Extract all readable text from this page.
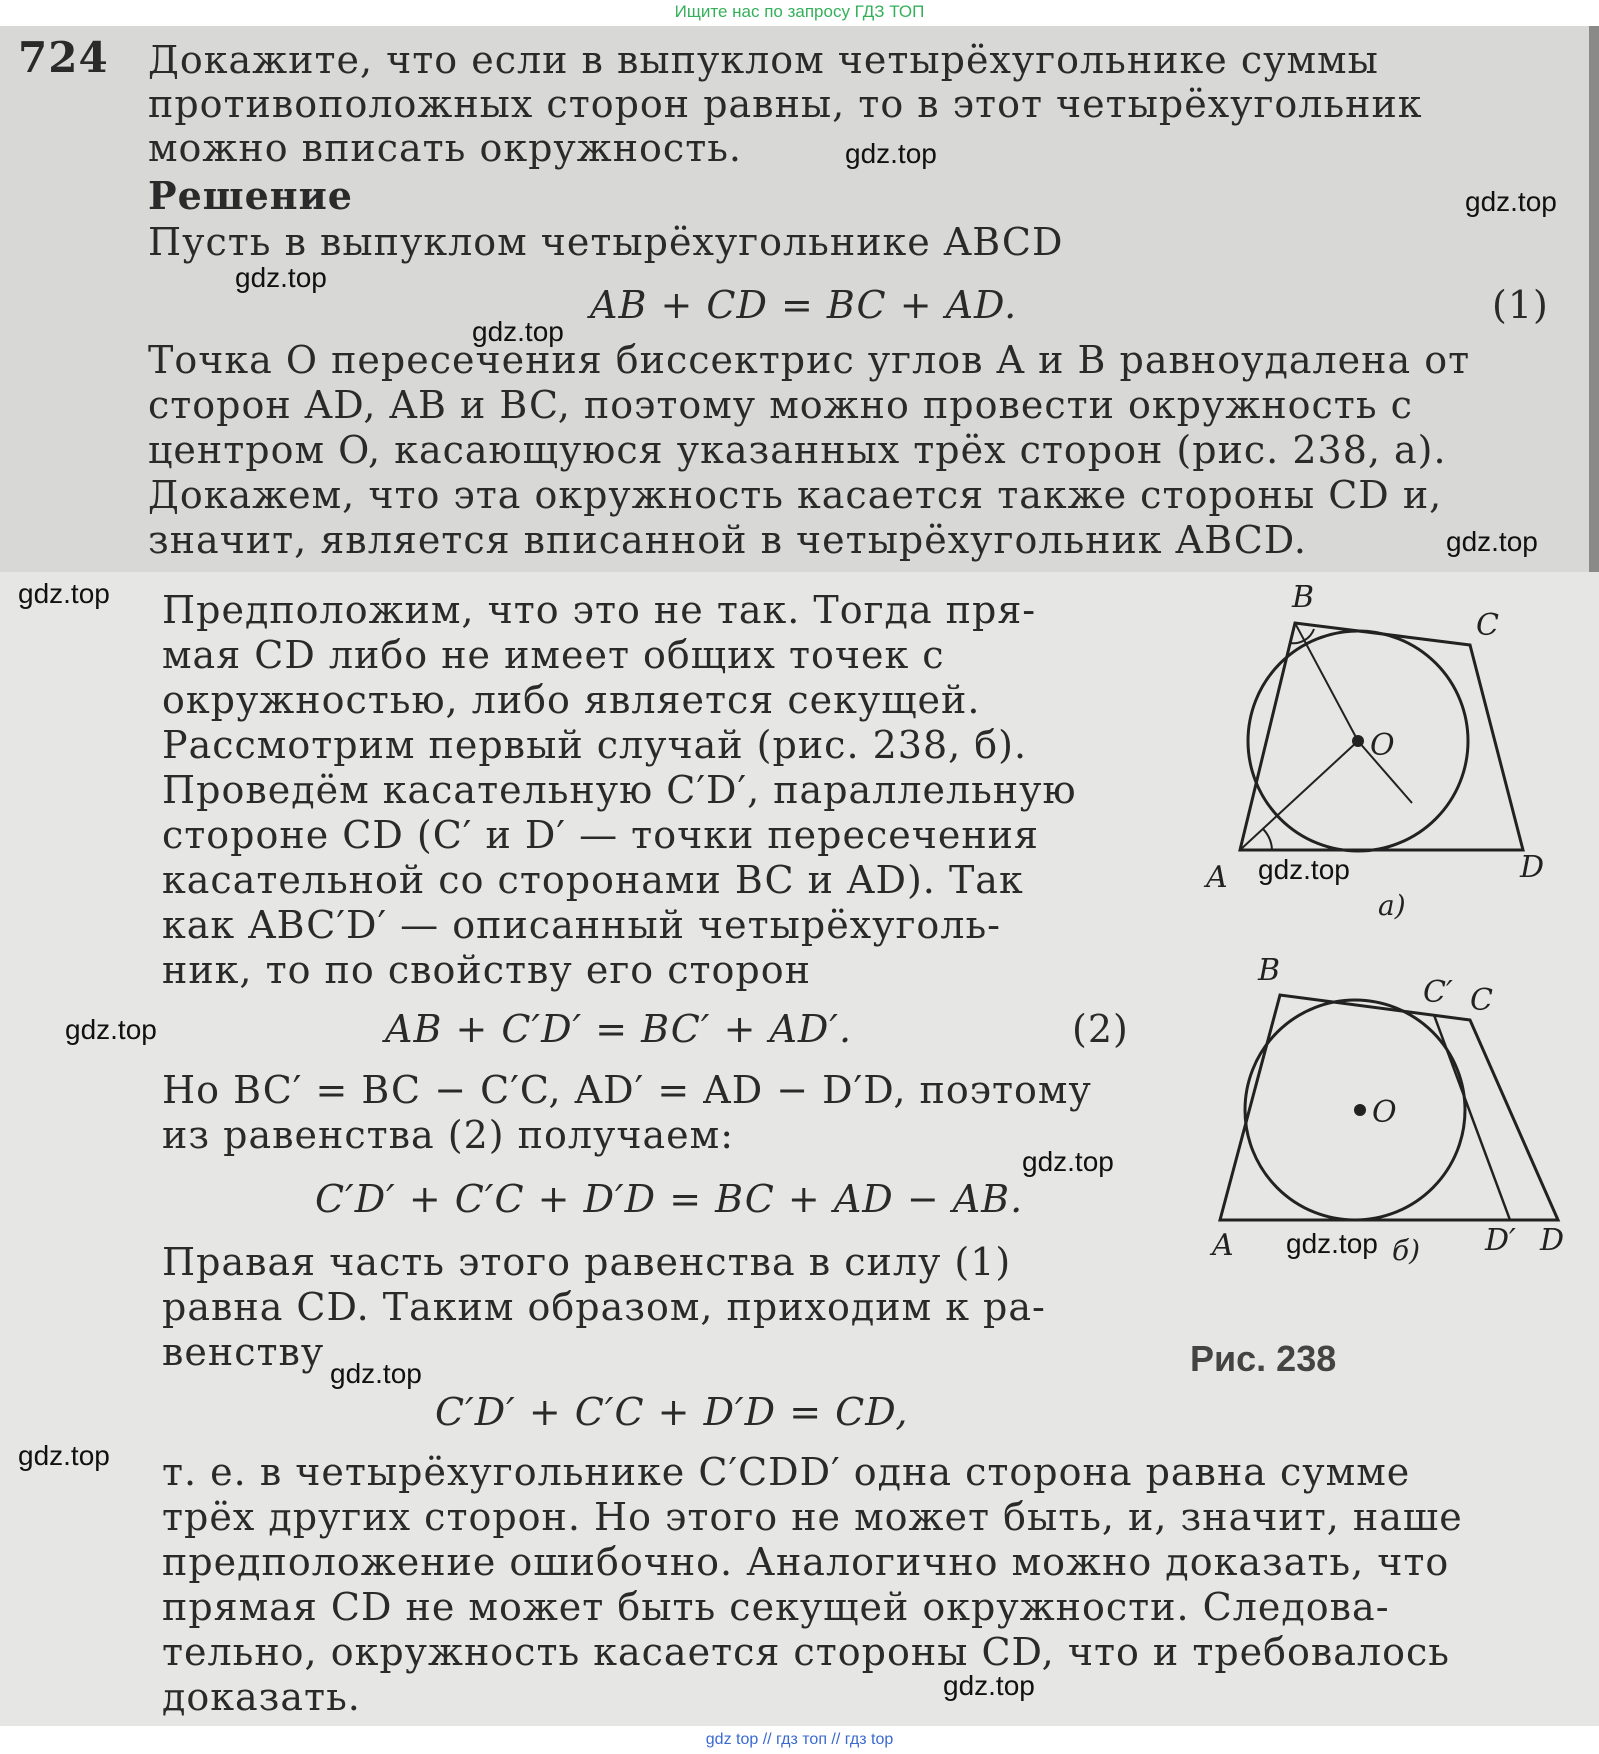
Ищите нас по запросу ГДЗ ТОП
724 Докажите, что если в выпуклом четырёхугольнике суммы
противоположных сторон равны, то в этот четырёхугольник
можно вписать окружность.
Решение
Пусть в выпуклом четырёхугольнике ABCD
AB + CD = BC + AD.	(1)
Точка O пересечения биссектрис углов A и B равноудалена от
сторон AD, AB и BC, поэтому можно провести окружность с
центром O, касающуюся указанных трёх сторон (рис. 238, а).
Докажем, что эта окружность касается также стороны CD и,
значит, является вписанной в четырёхугольник ABCD.
Предположим, что это не так. Тогда пря-
мая CD либо не имеет общих точек с
окружностью, либо является секущей.
Рассмотрим первый случай (рис. 238, б).
Проведём касательную C′D′, параллельную
стороне CD (C′ и D′ — точки пересечения
касательной со сторонами BC и AD). Так
как ABC′D′ — описанный четырёхуголь-
ник, то по свойству его сторон
AB + C′D′ = BC′ + AD′.	(2)
Но BC′ = BC − C′C, AD′ = AD − D′D, поэтому
из равенства (2) получаем:
C′D′ + C′C + D′D = BC + AD − AB.
Правая часть этого равенства в силу (1)
равна CD. Таким образом, приходим к ра-
венству
C′D′ + C′C + D′D = CD,
т. е. в четырёхугольнике C′CDD′ одна сторона равна сумме
трёх других сторон. Но этого не может быть, и, значит, наше
предположение ошибочно. Аналогично можно доказать, что
прямая CD не может быть секущей окружности. Следова-
тельно, окружность касается стороны CD, что и требовалось
доказать.
B
C
O
A	D
а)
B
C′ C
O
A	D′ D
б)
Рис. 238
gdz.top
gdz.top
gdz.top
gdz.top
gdz.top
gdz.top
gdz.top
gdz.top
gdz.top
gdz.top
gdz.top
gdz.top
gdz.top
gdz top // гдз топ // гдз top
